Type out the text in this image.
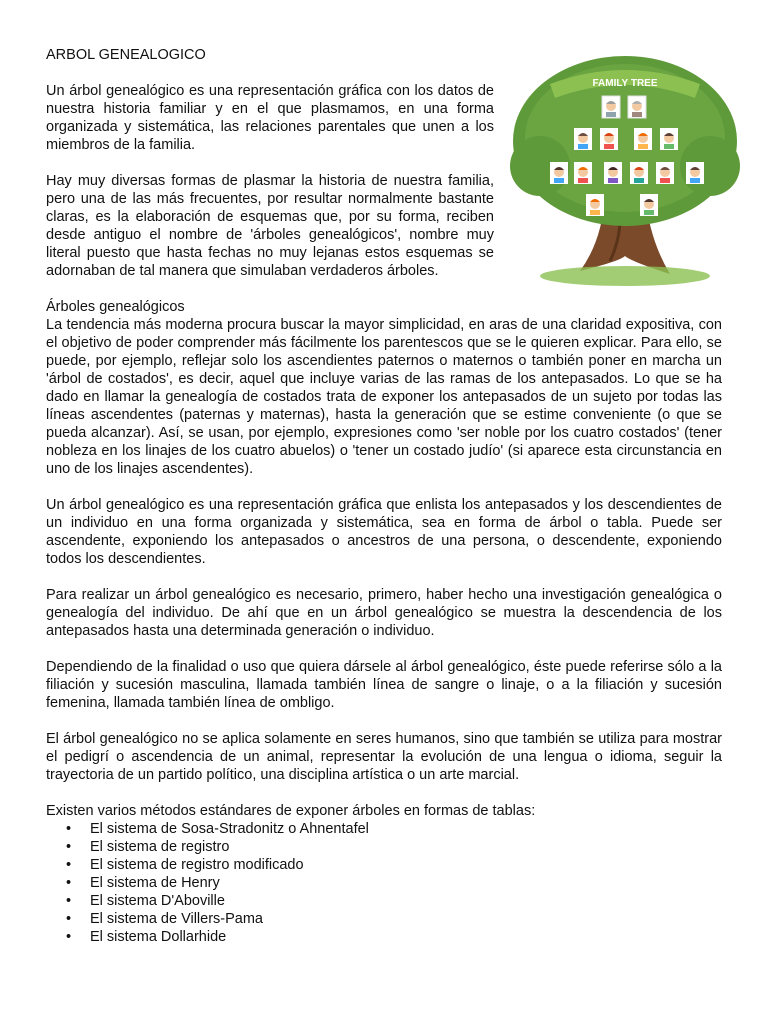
ARBOL GENEALOGICO

Un árbol genealógico es una representación gráfica con los datos de nuestra historia familiar y en el que plasmamos, en una forma organizada y sistemática, las relaciones parentales que unen a los miembros de la familia.

Hay muy diversas formas de plasmar la historia de nuestra familia, pero una de las más frecuentes, por resultar normalmente bastante claras, es la elaboración de esquemas que, por su forma, reciben desde antiguo el nombre de 'árboles genealógicos', nombre muy literal puesto que hasta fechas no muy lejanas estos esquemas se adornaban de tal manera que simulaban verdaderos árboles.

FAMILY TREE
Árboles genealógicos

La tendencia más moderna procura buscar la mayor simplicidad, en aras de una claridad expositiva, con el objetivo de poder comprender más fácilmente los parentescos que se le quieren explicar. Para ello, se puede, por ejemplo, reflejar solo los ascendientes paternos o maternos o también poner en marcha un 'árbol de costados', es decir, aquel que incluye varias de las ramas de los antepasados. Lo que se ha dado en llamar la genealogía de costados trata de exponer los antepasados de un sujeto por todas las líneas ascendentes (paternas y maternas), hasta la generación que se estime conveniente (o que se pueda alcanzar). Así, se usan, por ejemplo, expresiones como 'ser noble por los cuatro costados' (tener nobleza en los linajes de los cuatro abuelos) o 'tener un costado judío' (si aparece esta circunstancia en uno de los linajes ascendentes).

Un árbol genealógico es una representación gráfica que enlista los antepasados y los descendientes de un individuo en una forma organizada y sistemática, sea en forma de árbol o tabla. Puede ser ascendente, exponiendo los antepasados o ancestros de una persona, o descendente, exponiendo todos los descendientes.

Para realizar un árbol genealógico es necesario, primero, haber hecho una investigación genealógica o genealogía del individuo. De ahí que en un árbol genealógico se muestra la descendencia de los antepasados hasta una determinada generación o individuo.

Dependiendo de la finalidad o uso que quiera dársele al árbol genealógico, éste puede referirse sólo a la filiación y sucesión masculina, llamada también línea de sangre o linaje, o a la filiación y sucesión femenina, llamada también línea de ombligo.

El árbol genealógico no se aplica solamente en seres humanos, sino que también se utiliza para mostrar el pedigrí o ascendencia de un animal, representar la evolución de una lengua o idioma, seguir la trayectoria de un partido político, una disciplina artística o un arte marcial.

Existen varios métodos estándares de exponer árboles en formas de tablas:
• El sistema de Sosa-Stradonitz o Ahnentafel
• El sistema de registro
• El sistema de registro modificado
• El sistema de Henry
• El sistema D'Aboville
• El sistema de Villers-Pama
• El sistema Dollarhide
